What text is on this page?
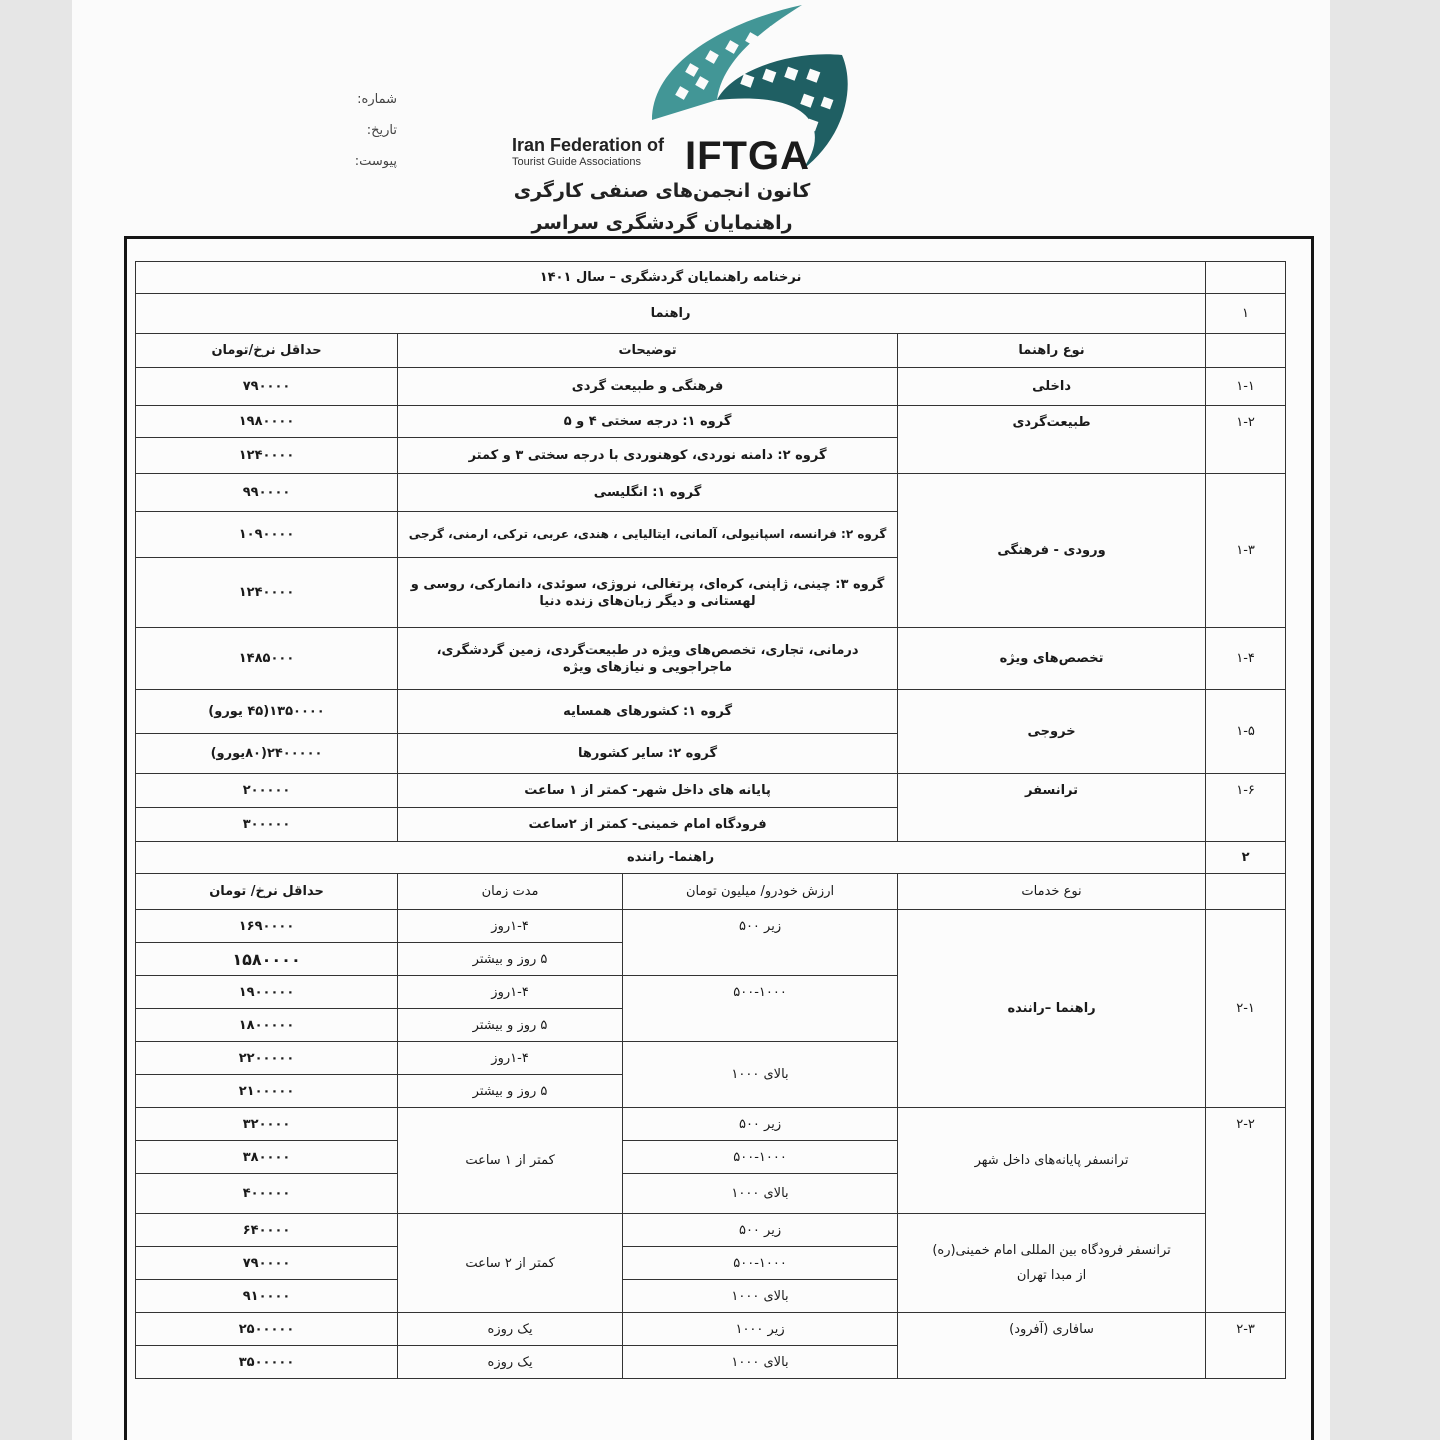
شماره:
تاریخ:
پیوست:
Iran Federation of
Tourist Guide Associations IFTGA
کانون انجمن‌های صنفی کارگری
راهنمایان گردشگری سراسر
	نرخنامه راهنمایان گردشگری – سال ۱۴۰۱			
۱	راهنما			
	نوع راهنما	توضیحات		حداقل نرخ/تومان
۱-۱	داخلی	فرهنگی و طبیعت گردی		۷۹۰۰۰۰
۱-۲	طبیعت‌گردی	گروه ۱: درجه سختی ۴ و ۵		۱۹۸۰۰۰۰
		گروه ۲: دامنه نوردی، کوهنوردی با درجه سختی ۳ و کمتر		۱۲۴۰۰۰۰
۱-۳	ورودی - فرهنگی	گروه ۱: انگلیسی		۹۹۰۰۰۰
		گروه ۲: فرانسه، اسپانیولی، آلمانی، ایتالیایی ، هندی، عربی، ترکی، ارمنی، گرجی		۱۰۹۰۰۰۰
		گروه ۳: چینی، ژاپنی، کره‌ای، پرتغالی، نروژی، سوئدی، دانمارکی، روسی و لهستانی و دیگر زبان‌های زنده دنیا		۱۲۴۰۰۰۰
۱-۴	تخصص‌های ویژه	درمانی، تجاری، تخصص‌های ویژه در طبیعت‌گردی، زمین گردشگری، ماجراجویی و نیازهای ویژه		۱۴۸۵۰۰۰
۱-۵	خروجی	گروه ۱: کشورهای همسایه		۱۳۵۰۰۰۰(۴۵ یورو)
		گروه ۲: سایر کشورها		۲۴۰۰۰۰۰(۸۰یورو)
۱-۶	ترانسفر	پایانه های داخل شهر- کمتر از ۱ ساعت		۲۰۰۰۰۰
		فرودگاه امام خمینی- کمتر از ۲ساعت		۳۰۰۰۰۰
۲	راهنما- راننده			
	نوع خدمات	ارزش خودرو/ میلیون تومان	مدت زمان	حداقل نرخ/ تومان
۲-۱	راهنما –راننده	زیر ۵۰۰	۱-۴روز	۱۶۹۰۰۰۰
			۵ روز و بیشتر	۱۵۸۰۰۰۰
		۵۰۰-۱۰۰۰	۱-۴روز	۱۹۰۰۰۰۰
			۵ روز و بیشتر	۱۸۰۰۰۰۰
		بالای ۱۰۰۰	۱-۴روز	۲۲۰۰۰۰۰
			۵ روز و بیشتر	۲۱۰۰۰۰۰
۲-۲	ترانسفر پایانه‌های داخل شهر	زیر ۵۰۰	کمتر از ۱ ساعت	۳۲۰۰۰۰
		۵۰۰-۱۰۰۰		۳۸۰۰۰۰
		بالای ۱۰۰۰		۴۰۰۰۰۰

	ترانسفر فرودگاه بین المللی امام خمینی(ره)
از مبدا تهران	زیر ۵۰۰	کمتر از ۲ ساعت	۶۴۰۰۰۰
		۵۰۰-۱۰۰۰		۷۹۰۰۰۰
		بالای ۱۰۰۰		۹۱۰۰۰۰
۲-۳	سافاری (آفرود)	زیر ۱۰۰۰	یک روزه	۲۵۰۰۰۰۰
		بالای ۱۰۰۰	یک روزه	۳۵۰۰۰۰۰
